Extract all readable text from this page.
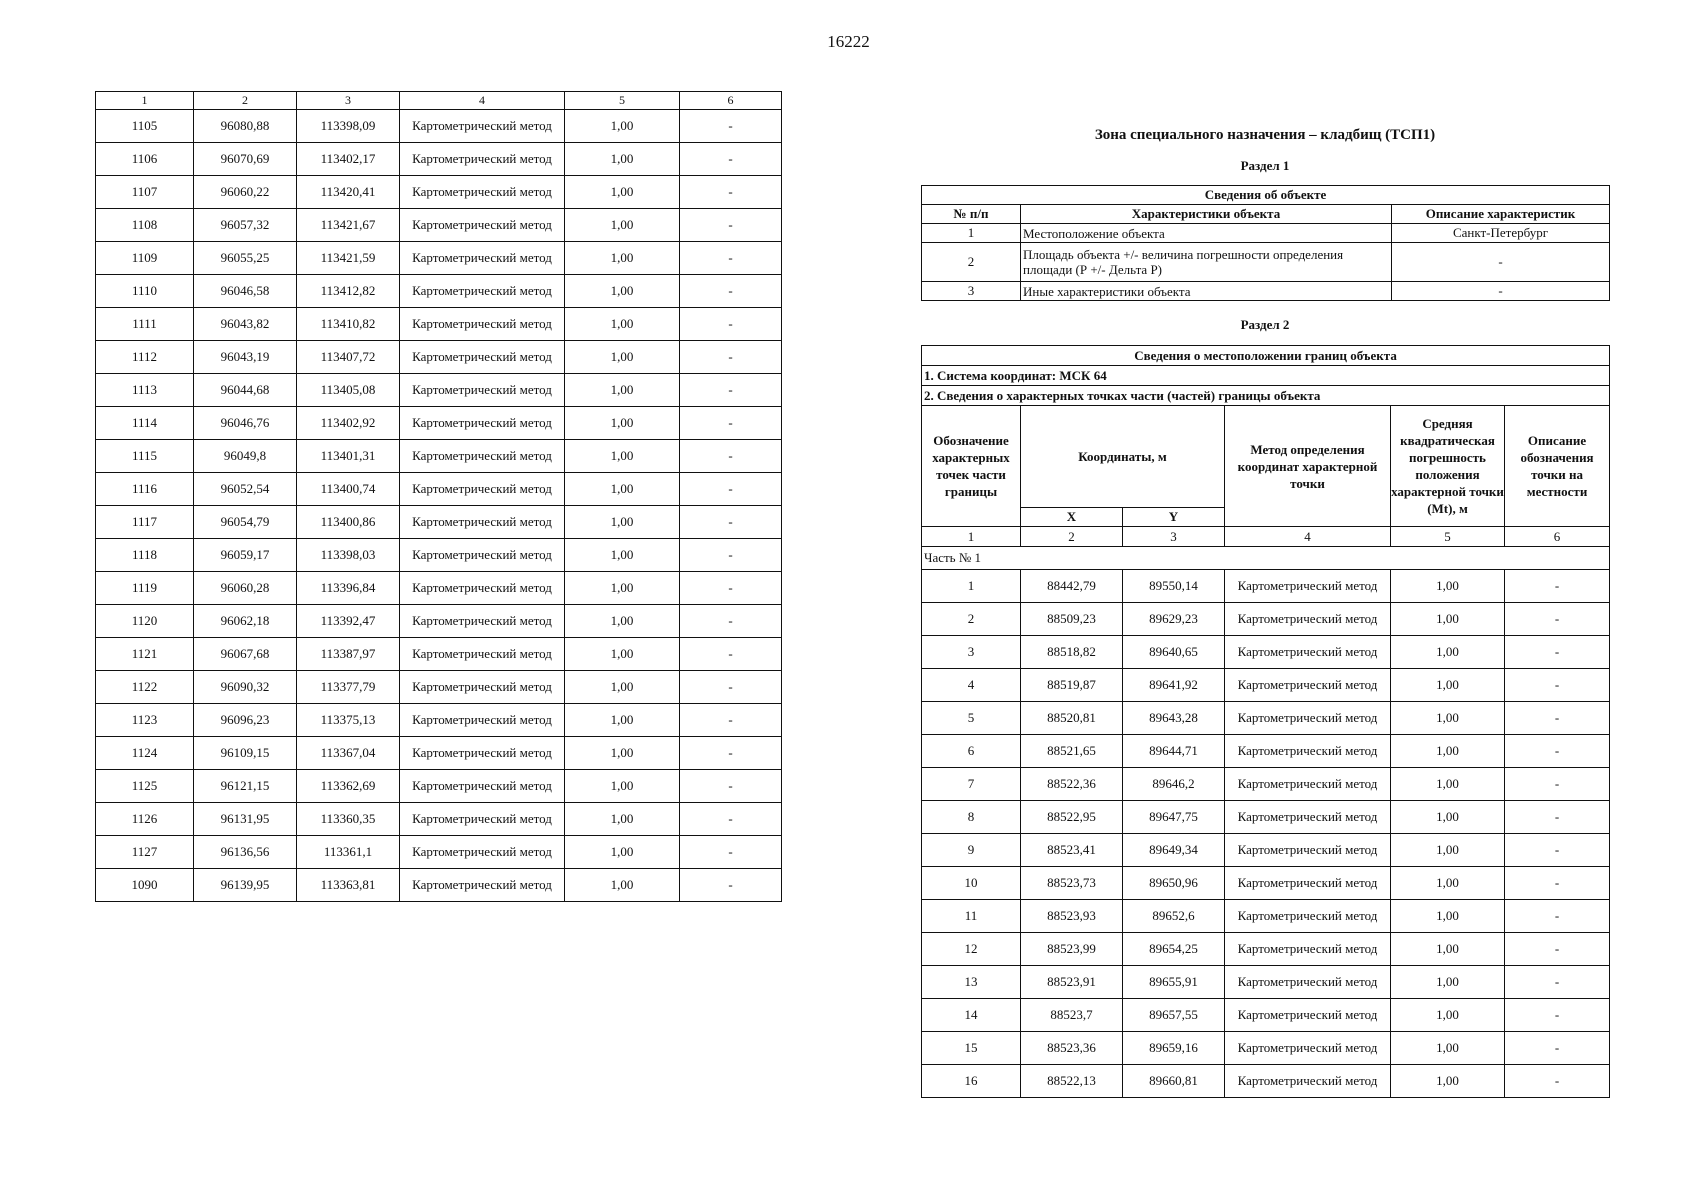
16222
1	2	3	4	5	6
1105	96080,88	113398,09	Картометрический метод	1,00	-
1106	96070,69	113402,17	Картометрический метод	1,00	-
1107	96060,22	113420,41	Картометрический метод	1,00	-
1108	96057,32	113421,67	Картометрический метод	1,00	-
1109	96055,25	113421,59	Картометрический метод	1,00	-
1110	96046,58	113412,82	Картометрический метод	1,00	-
1111	96043,82	113410,82	Картометрический метод	1,00	-
1112	96043,19	113407,72	Картометрический метод	1,00	-
1113	96044,68	113405,08	Картометрический метод	1,00	-
1114	96046,76	113402,92	Картометрический метод	1,00	-
1115	96049,8	113401,31	Картометрический метод	1,00	-
1116	96052,54	113400,74	Картометрический метод	1,00	-
1117	96054,79	113400,86	Картометрический метод	1,00	-
1118	96059,17	113398,03	Картометрический метод	1,00	-
1119	96060,28	113396,84	Картометрический метод	1,00	-
1120	96062,18	113392,47	Картометрический метод	1,00	-
1121	96067,68	113387,97	Картометрический метод	1,00	-
1122	96090,32	113377,79	Картометрический метод	1,00	-
1123	96096,23	113375,13	Картометрический метод	1,00	-
1124	96109,15	113367,04	Картометрический метод	1,00	-
1125	96121,15	113362,69	Картометрический метод	1,00	-
1126	96131,95	113360,35	Картометрический метод	1,00	-
1127	96136,56	113361,1	Картометрический метод	1,00	-
1090	96139,95	113363,81	Картометрический метод	1,00	-
Зона специального назначения – кладбищ (ТСП1)
Раздел 1
Сведения об объекте		
№ п/п	Характеристики объекта	Описание характеристик
1	Местоположение объекта	Санкт-Петербург
2	Площадь объекта +/- величина погрешности определения площади (Р +/- Дельта Р)	-
3	Иные характеристики объекта	-
Раздел 2
Сведения о местоположении границ объекта					
1. Система координат: МСК 64					
2. Сведения о характерных точках части (частей) границы объекта					
Обозначение характерных точек части границы	Координаты, м		Метод определения координат характерной точки	Средняя квадратическая погрешность положения характерной точки (Mt), м	Описание обозначения точки на местности
	X	Y			
1	2	3	4	5	6
Часть № 1					
1	88442,79	89550,14	Картометрический метод	1,00	-
2	88509,23	89629,23	Картометрический метод	1,00	-
3	88518,82	89640,65	Картометрический метод	1,00	-
4	88519,87	89641,92	Картометрический метод	1,00	-
5	88520,81	89643,28	Картометрический метод	1,00	-
6	88521,65	89644,71	Картометрический метод	1,00	-
7	88522,36	89646,2	Картометрический метод	1,00	-
8	88522,95	89647,75	Картометрический метод	1,00	-
9	88523,41	89649,34	Картометрический метод	1,00	-
10	88523,73	89650,96	Картометрический метод	1,00	-
11	88523,93	89652,6	Картометрический метод	1,00	-
12	88523,99	89654,25	Картометрический метод	1,00	-
13	88523,91	89655,91	Картометрический метод	1,00	-
14	88523,7	89657,55	Картометрический метод	1,00	-
15	88523,36	89659,16	Картометрический метод	1,00	-
16	88522,13	89660,81	Картометрический метод	1,00	-
